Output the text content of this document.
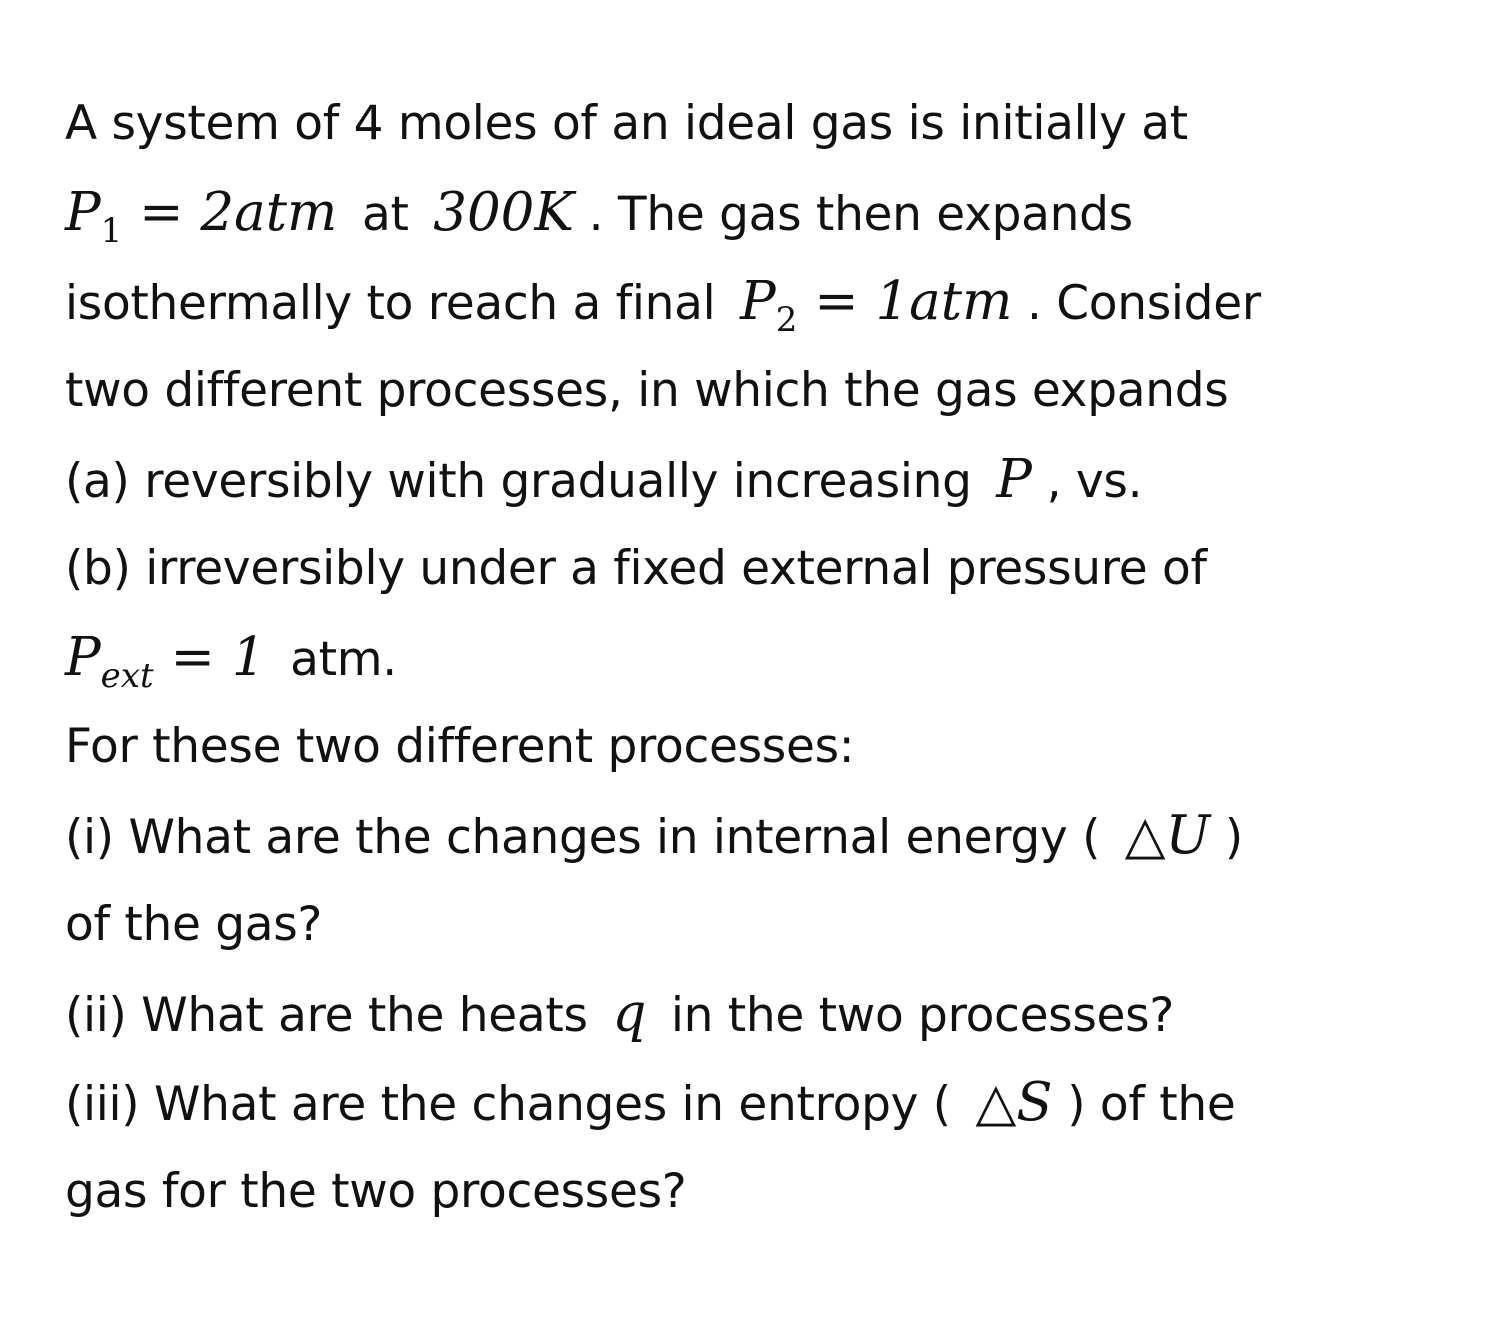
A system of 4 moles of an ideal gas is initially at
$P_1 = 2atm$ at 300K . The gas then expands
isothermally to reach a final $P_2 = 1atm$ . Consider
two different processes, in which the gas expands
(a) reversibly with gradually increasing P , vs.
(b) irreversibly under a fixed external pressure of
$P_{ext} = 1$ atm.
For these two different processes:
(i) What are the changes in internal energy ( △U )
of the gas?
(ii) What are the heats q in the two processes?
(iii) What are the changes in entropy ( △S ) of the
gas for the two processes?
